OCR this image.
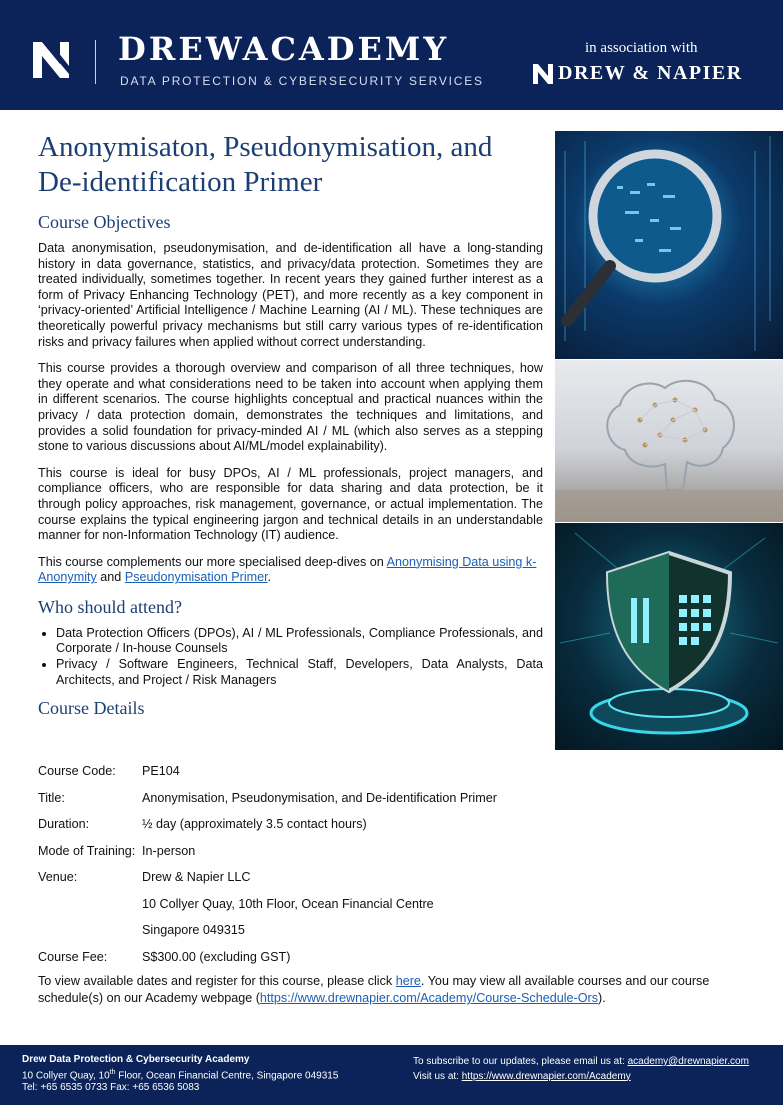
DREWACADEMY
DATA PROTECTION & CYBERSECURITY SERVICES
in association with
DREW & NAPIER
Anonymisaton, Pseudonymisation, and De-identification Primer
Course Objectives

Data anonymisation, pseudonymisation, and de-identification all have a long-standing history in data governance, statistics, and privacy/data protection. Sometimes they are treated individually, sometimes together. In recent years they gained further interest as a form of Privacy Enhancing Technology (PET), and more recently as a key component in ‘privacy-oriented’ Artificial Intelligence / Machine Learning (AI / ML). These techniques are theoretically powerful privacy mechanisms but still carry various types of re-identification risks and privacy failures when applied without correct understanding.

This course provides a thorough overview and comparison of all three techniques, how they operate and what considerations need to be taken into account when applying them in different scenarios. The course highlights conceptual and practical nuances within the privacy / data protection domain, demonstrates the techniques and limitations, and provides a solid foundation for privacy-minded AI / ML (which also serves as a stepping stone to various discussions about AI/ML/model explainability).

This course is ideal for busy DPOs, AI / ML professionals, project managers, and compliance officers, who are responsible for data sharing and data protection, be it through policy approaches, risk management, governance, or actual implementation. The course explains the typical engineering jargon and technical details in an understandable manner for non-Information Technology (IT) audience.

This course complements our more specialised deep-dives on Anonymising Data using k-Anonymity and Pseudonymisation Primer.

Who should attend?
• Data Protection Officers (DPOs), AI / ML Professionals, Compliance Professionals, and Corporate / In-house Counsels
• Privacy / Software Engineers, Technical Staff, Developers, Data Analysts, Data Architects, and Project / Risk Managers
Course Details
Course Code:	PE104
Title:	Anonymisation, Pseudonymisation, and De-identification Primer
Duration:	½ day (approximately 3.5 contact hours)
Mode of Training: In-person
Venue:	Drew & Napier LLC
10 Collyer Quay, 10th Floor, Ocean Financial Centre
Singapore 049315
Course Fee:	S$300.00 (excluding GST)
To view available dates and register for this course, please click here. You may view all available courses and our course schedule(s) on our Academy webpage (https://www.drewnapier.com/Academy/Course-Schedule-Ors).
Drew Data Protection & Cybersecurity Academy
10 Collyer Quay, 10th Floor, Ocean Financial Centre, Singapore 049315
Tel: +65 6535 0733 Fax: +65 6536 5083
To subscribe to our updates, please email us at: academy@drewnapier.com
Visit us at: https://www.drewnapier.com/Academy
